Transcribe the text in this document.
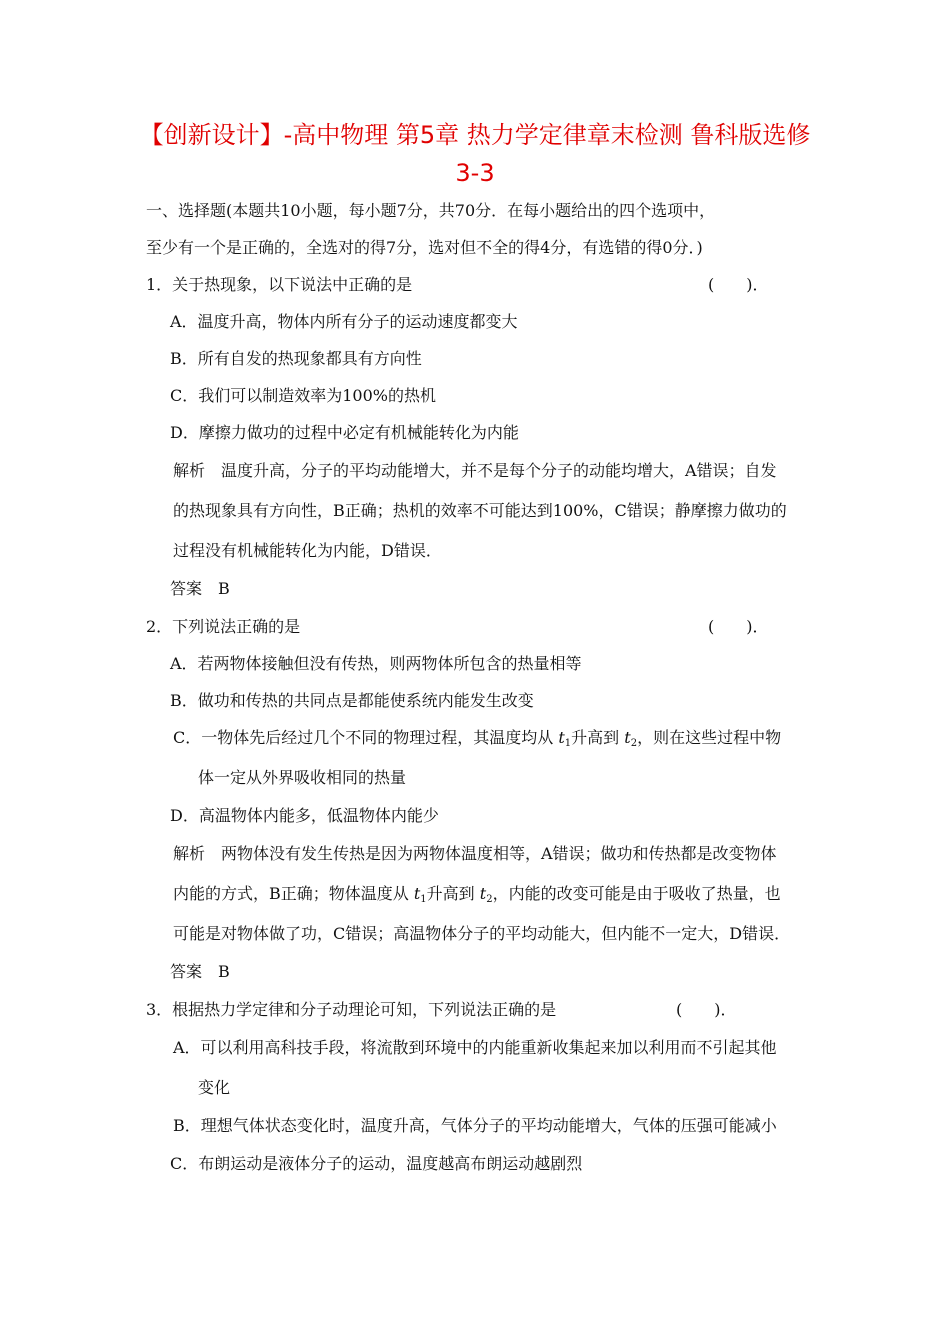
【创新设计】-高中物理 第5章 热力学定律章末检测 鲁科版选修
3-3
一、选择题(本题共10小题，每小题7分，共70分．在每小题给出的四个选项中，
至少有一个是正确的，全选对的得7分，选对但不全的得4分，有选错的得0分．)
1．关于热现象，以下说法中正确的是	(　　)．
A．温度升高，物体内所有分子的运动速度都变大
B．所有自发的热现象都具有方向性
C．我们可以制造效率为100%的热机
D．摩擦力做功的过程中必定有机械能转化为内能
解析　温度升高，分子的平均动能增大，并不是每个分子的动能均增大，A错误；自发
的热现象具有方向性，B正确；热机的效率不可能达到100%，C错误；静摩擦力做功的
过程没有机械能转化为内能，D错误．
答案　B
2．下列说法正确的是	(　　)．
A．若两物体接触但没有传热，则两物体所包含的热量相等
B．做功和传热的共同点是都能使系统内能发生改变
C．一物体先后经过几个不同的物理过程，其温度均从 $t_1$升高到 $t_2$，则在这些过程中物
体一定从外界吸收相同的热量
D．高温物体内能多，低温物体内能少
解析　两物体没有发生传热是因为两物体温度相等，A错误；做功和传热都是改变物体
内能的方式，B正确；物体温度从 $t_1$升高到 $t_2$，内能的改变可能是由于吸收了热量，也
可能是对物体做了功，C错误；高温物体分子的平均动能大，但内能不一定大，D错误．
答案　B
3．根据热力学定律和分子动理论可知，下列说法正确的是	(　　)．
A．可以利用高科技手段，将流散到环境中的内能重新收集起来加以利用而不引起其他
变化
B．理想气体状态变化时，温度升高，气体分子的平均动能增大，气体的压强可能减小
C．布朗运动是液体分子的运动，温度越高布朗运动越剧烈
